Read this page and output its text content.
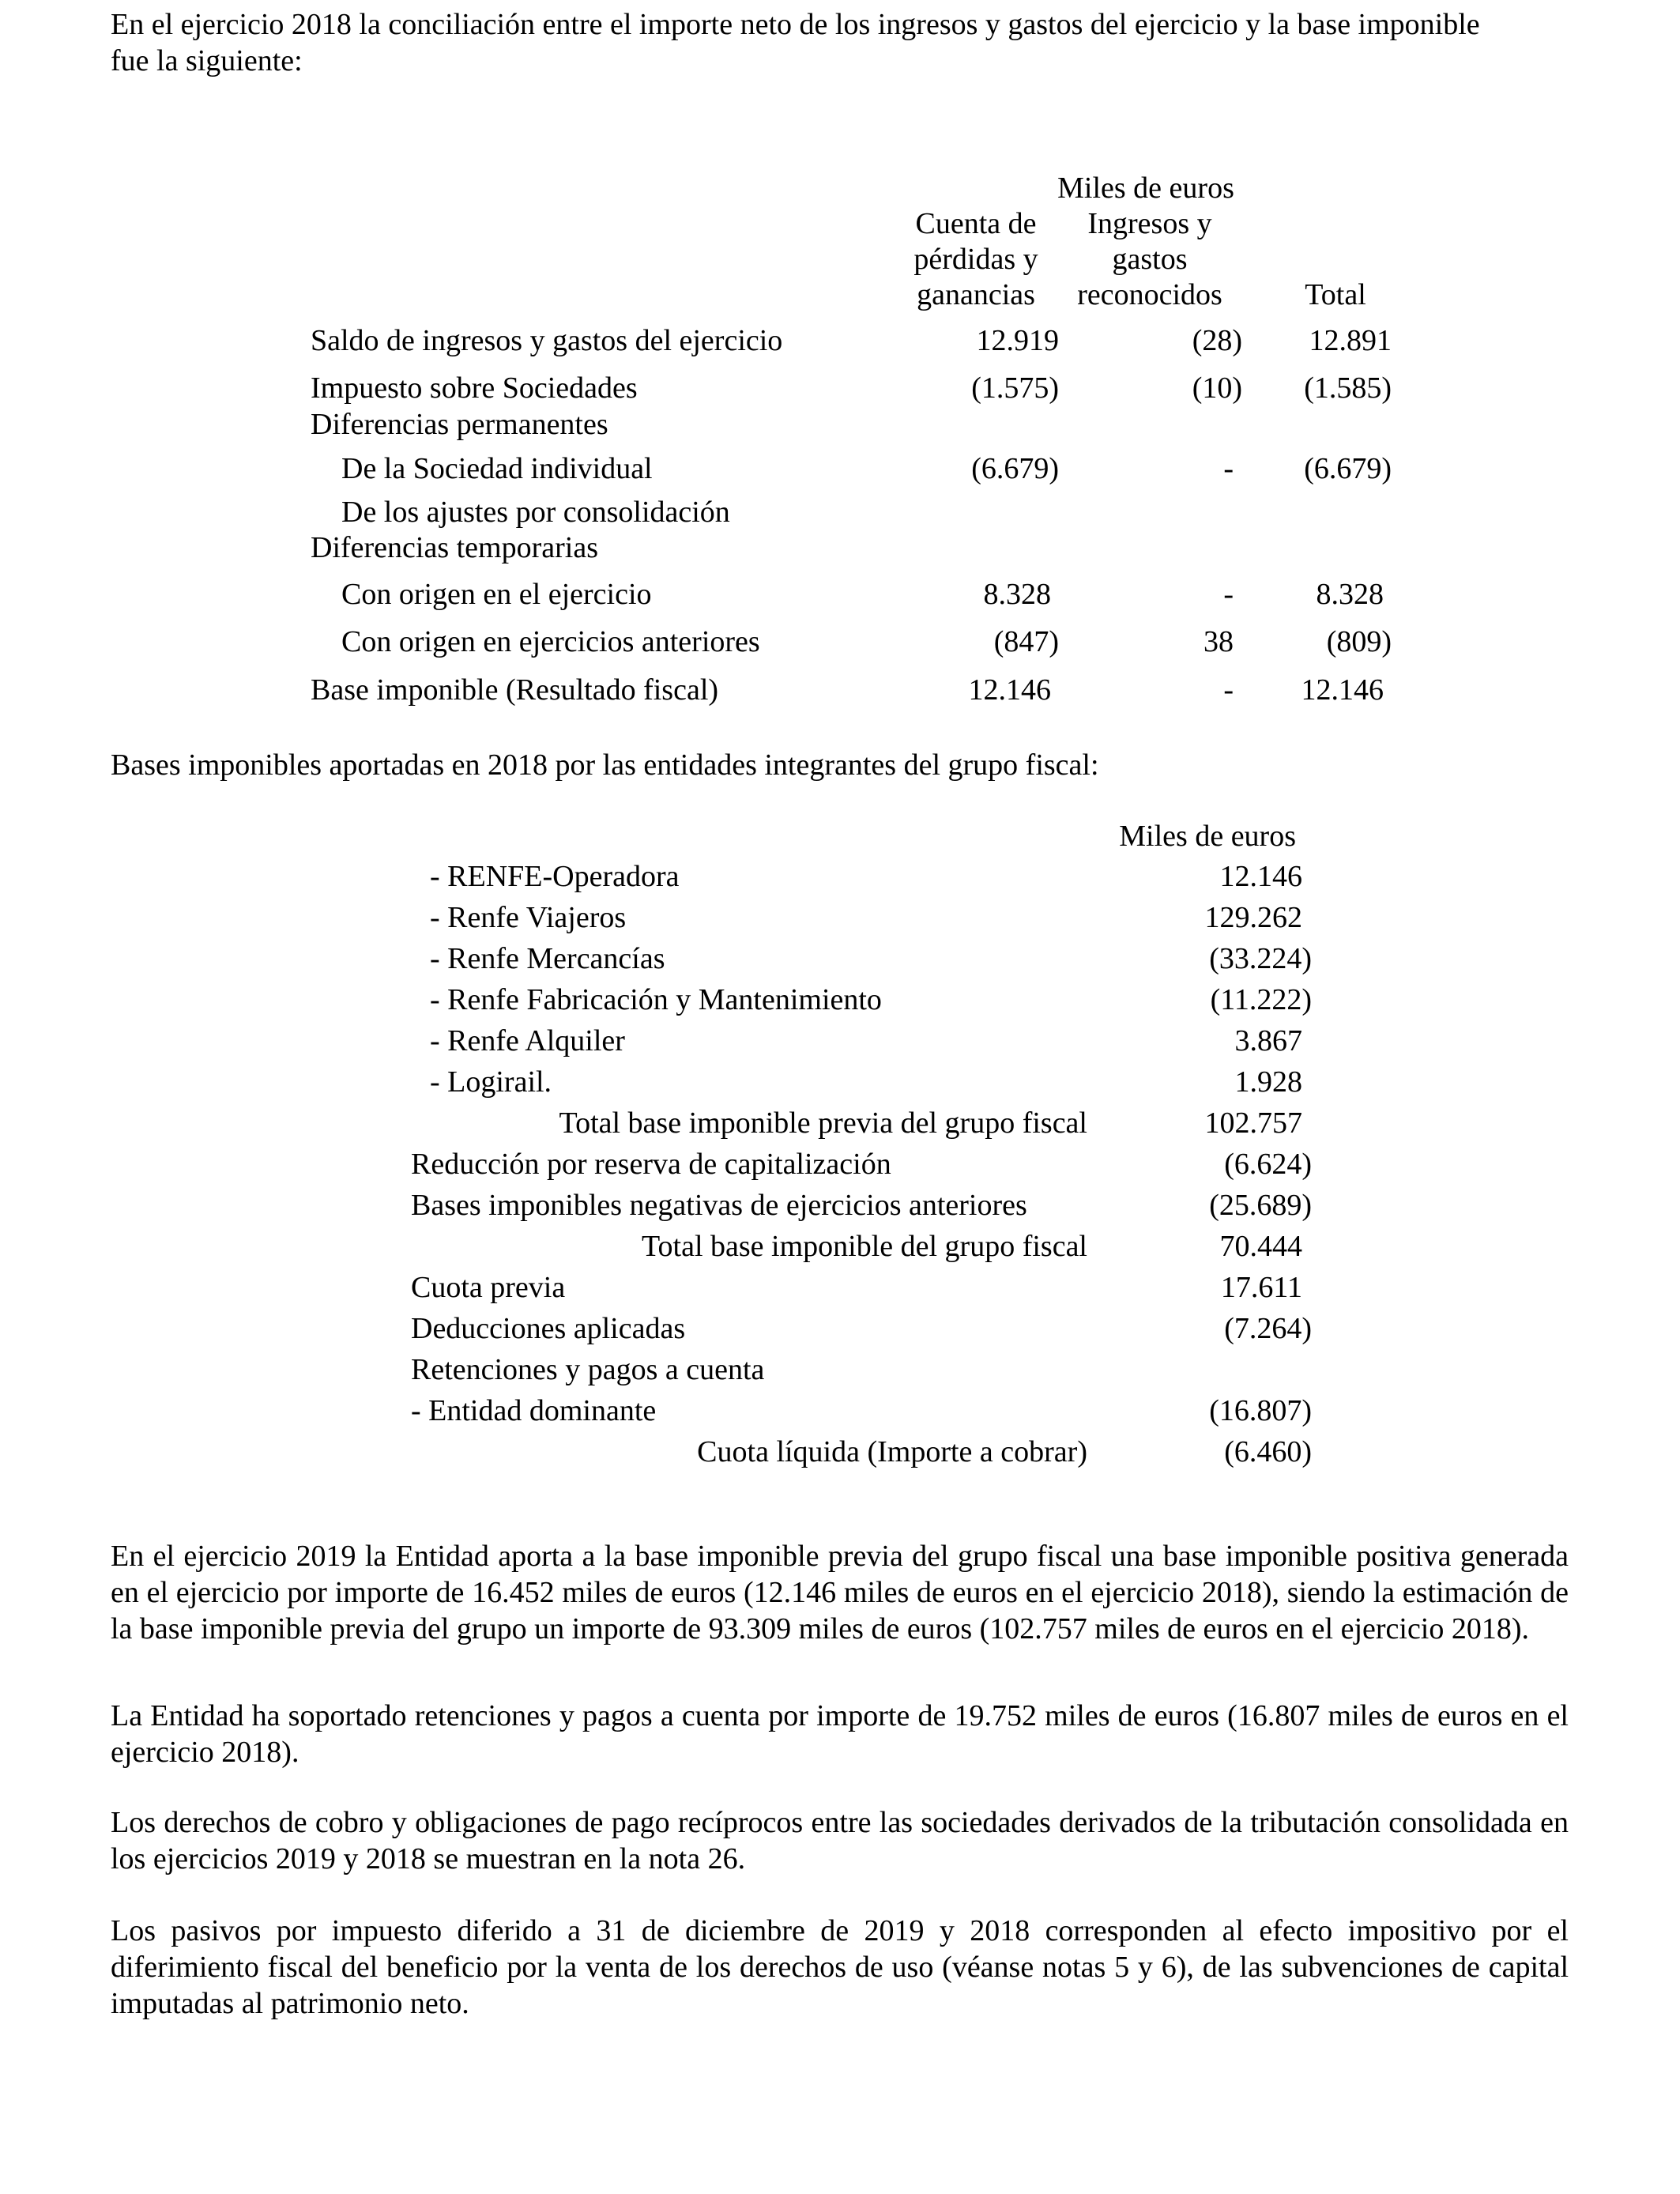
En el ejercicio 2018 la conciliación entre el importe neto de los ingresos y gastos del ejercicio y la base imponible fue la siguiente:

Miles de euros
Cuenta de
pérdidas y
ganancias
Ingresos y
gastos
reconocidos	Total
Saldo de ingresos y gastos del ejercicio	12.919	(28) 12.891
Impuesto sobre Sociedades	(1.575)	(10) (1.585)
Diferencias permanentes
De la Sociedad individual	(6.679)	- (6.679)
De los ajustes por consolidación
Diferencias temporarias
Con origen en el ejercicio	8.328	-	8.328
Con origen en ejercicios anteriores	(847)	38	(809)
Base imponible (Resultado fiscal)	12.146	- 12.146

Bases imponibles aportadas en 2018 por las entidades integrantes del grupo fiscal:

Miles de euros
- RENFE-Operadora	12.146
- Renfe Viajeros	129.262
- Renfe Mercancías	(33.224)
- Renfe Fabricación y Mantenimiento	(11.222)
- Renfe Alquiler	3.867
- Logirail.	1.928
Total base imponible previa del grupo fiscal	102.757
Reducción por reserva de capitalización	(6.624)
Bases imponibles negativas de ejercicios anteriores	(25.689)
Total base imponible del grupo fiscal	70.444
Cuota previa	17.611
Deducciones aplicadas	(7.264)
Retenciones y pagos a cuenta
- Entidad dominante	(16.807)
Cuota líquida (Importe a cobrar)	(6.460)

En el ejercicio 2019 la Entidad aporta a la base imponible previa del grupo fiscal una base imponible positiva generada en el ejercicio por importe de 16.452 miles de euros (12.146 miles de euros en el ejercicio 2018), siendo la estimación de la base imponible previa del grupo un importe de 93.309 miles de euros (102.757 miles de euros en el ejercicio 2018).

La Entidad ha soportado retenciones y pagos a cuenta por importe de 19.752 miles de euros (16.807 miles de euros en el ejercicio 2018).

Los derechos de cobro y obligaciones de pago recíprocos entre las sociedades derivados de la tributación consolidada en los ejercicios 2019 y 2018 se muestran en la nota 26.

Los pasivos por impuesto diferido a 31 de diciembre de 2019 y 2018 corresponden al efecto impositivo por el diferimiento fiscal del beneficio por la venta de los derechos de uso (véanse notas 5 y 6), de las subvenciones de capital imputadas al patrimonio neto.
